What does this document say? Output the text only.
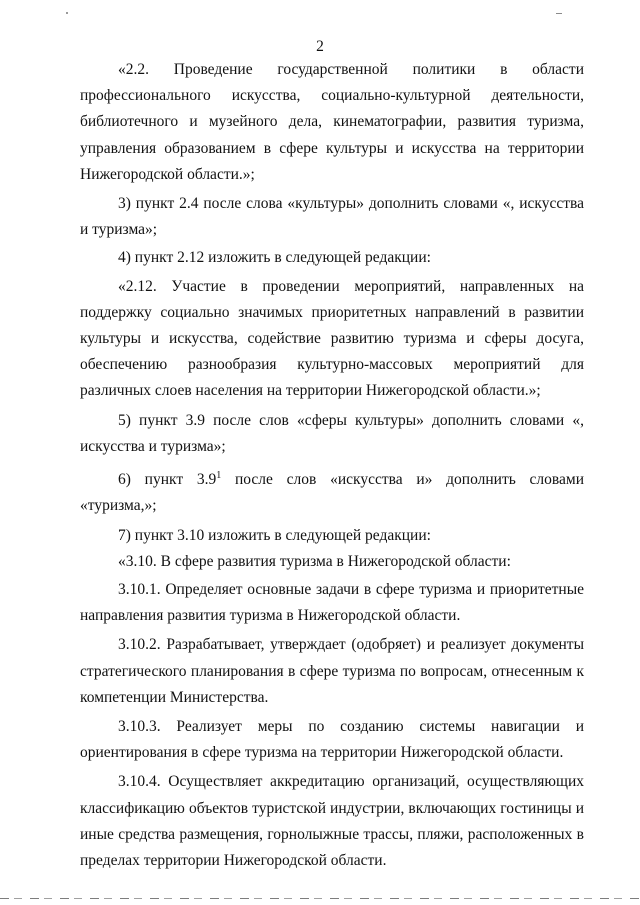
2

«2.2. Проведение государственной политики в области профессионального искусства, социально-культурной деятельности, библиотечного и музейного дела, кинематографии, развития туризма, управления образованием в сфере культуры и искусства на территории Нижегородской области.»;

3) пункт 2.4 после слова «культуры» дополнить словами «, искусства и туризма»;

4) пункт 2.12 изложить в следующей редакции:

«2.12. Участие в проведении мероприятий, направленных на поддержку социально значимых приоритетных направлений в развитии культуры и искусства, содействие развитию туризма и сферы досуга, обеспечению разнообразия культурно-массовых мероприятий для различных слоев населения на территории Нижегородской области.»;

5) пункт 3.9 после слов «сферы культуры» дополнить словами «, искусства и туризма»;

6) пункт $3.9^1$ после слов «искусства и» дополнить словами «туризма,»;

7) пункт 3.10 изложить в следующей редакции:

«3.10. В сфере развития туризма в Нижегородской области:

3.10.1. Определяет основные задачи в сфере туризма и приоритетные направления развития туризма в Нижегородской области.

3.10.2. Разрабатывает, утверждает (одобряет) и реализует документы стратегического планирования в сфере туризма по вопросам, отнесенным к компетенции Министерства.

3.10.3. Реализует меры по созданию системы навигации и ориентирования в сфере туризма на территории Нижегородской области.

3.10.4. Осуществляет аккредитацию организаций, осуществляющих классификацию объектов туристской индустрии, включающих гостиницы и иные средства размещения, горнолыжные трассы, пляжи, расположенных в пределах территории Нижегородской области.
